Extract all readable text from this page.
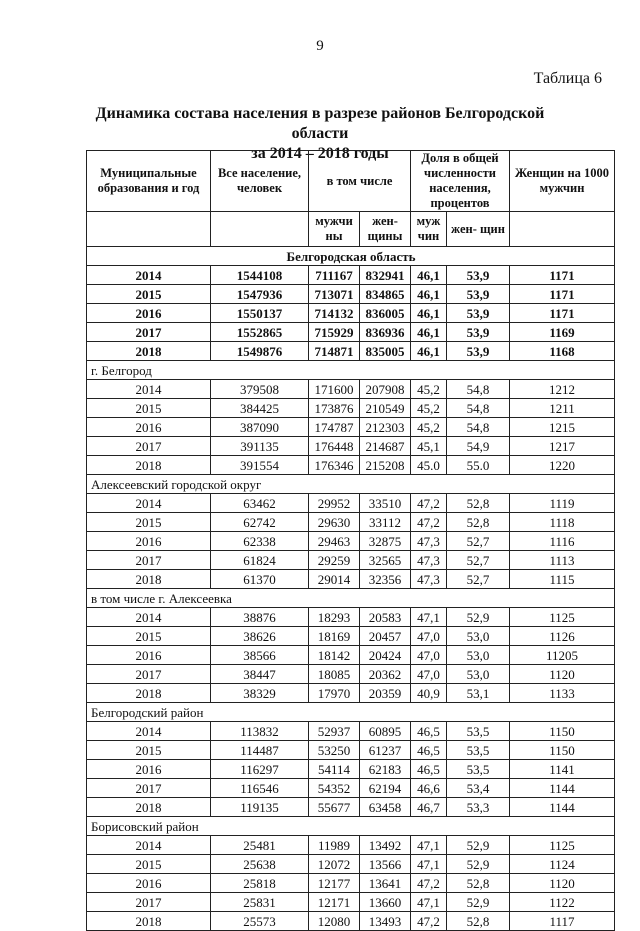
9
Таблица 6
Динамика состава населения в разрезе районов Белгородской области
за 2014 – 2018 годы
Муниципальные образования и год	Все население, человек	в том числе		Доля в общей численности населения, процентов		Женщин на 1000 мужчин
		мужчи ны	жен- щины	муж чин	жен- щин	
Белгородская область						
2014	1544108	711167	832941	46,1	53,9	1171
2015	1547936	713071	834865	46,1	53,9	1171
2016	1550137	714132	836005	46,1	53,9	1171
2017	1552865	715929	836936	46,1	53,9	1169
2018	1549876	714871	835005	46,1	53,9	1168
г. Белгород						
2014	379508	171600	207908	45,2	54,8	1212
2015	384425	173876	210549	45,2	54,8	1211
2016	387090	174787	212303	45,2	54,8	1215
2017	391135	176448	214687	45,1	54,9	1217
2018	391554	176346	215208	45.0	55.0	1220
Алексеевский городской округ						
2014	63462	29952	33510	47,2	52,8	1119
2015	62742	29630	33112	47,2	52,8	1118
2016	62338	29463	32875	47,3	52,7	1116
2017	61824	29259	32565	47,3	52,7	1113
2018	61370	29014	32356	47,3	52,7	1115
в том числе г. Алексеевка						
2014	38876	18293	20583	47,1	52,9	1125
2015	38626	18169	20457	47,0	53,0	1126
2016	38566	18142	20424	47,0	53,0	11205
2017	38447	18085	20362	47,0	53,0	1120
2018	38329	17970	20359	40,9	53,1	1133
Белгородский район						
2014	113832	52937	60895	46,5	53,5	1150
2015	114487	53250	61237	46,5	53,5	1150
2016	116297	54114	62183	46,5	53,5	1141
2017	116546	54352	62194	46,6	53,4	1144
2018	119135	55677	63458	46,7	53,3	1144
Борисовский район						
2014	25481	11989	13492	47,1	52,9	1125
2015	25638	12072	13566	47,1	52,9	1124
2016	25818	12177	13641	47,2	52,8	1120
2017	25831	12171	13660	47,1	52,9	1122
2018	25573	12080	13493	47,2	52,8	1117
